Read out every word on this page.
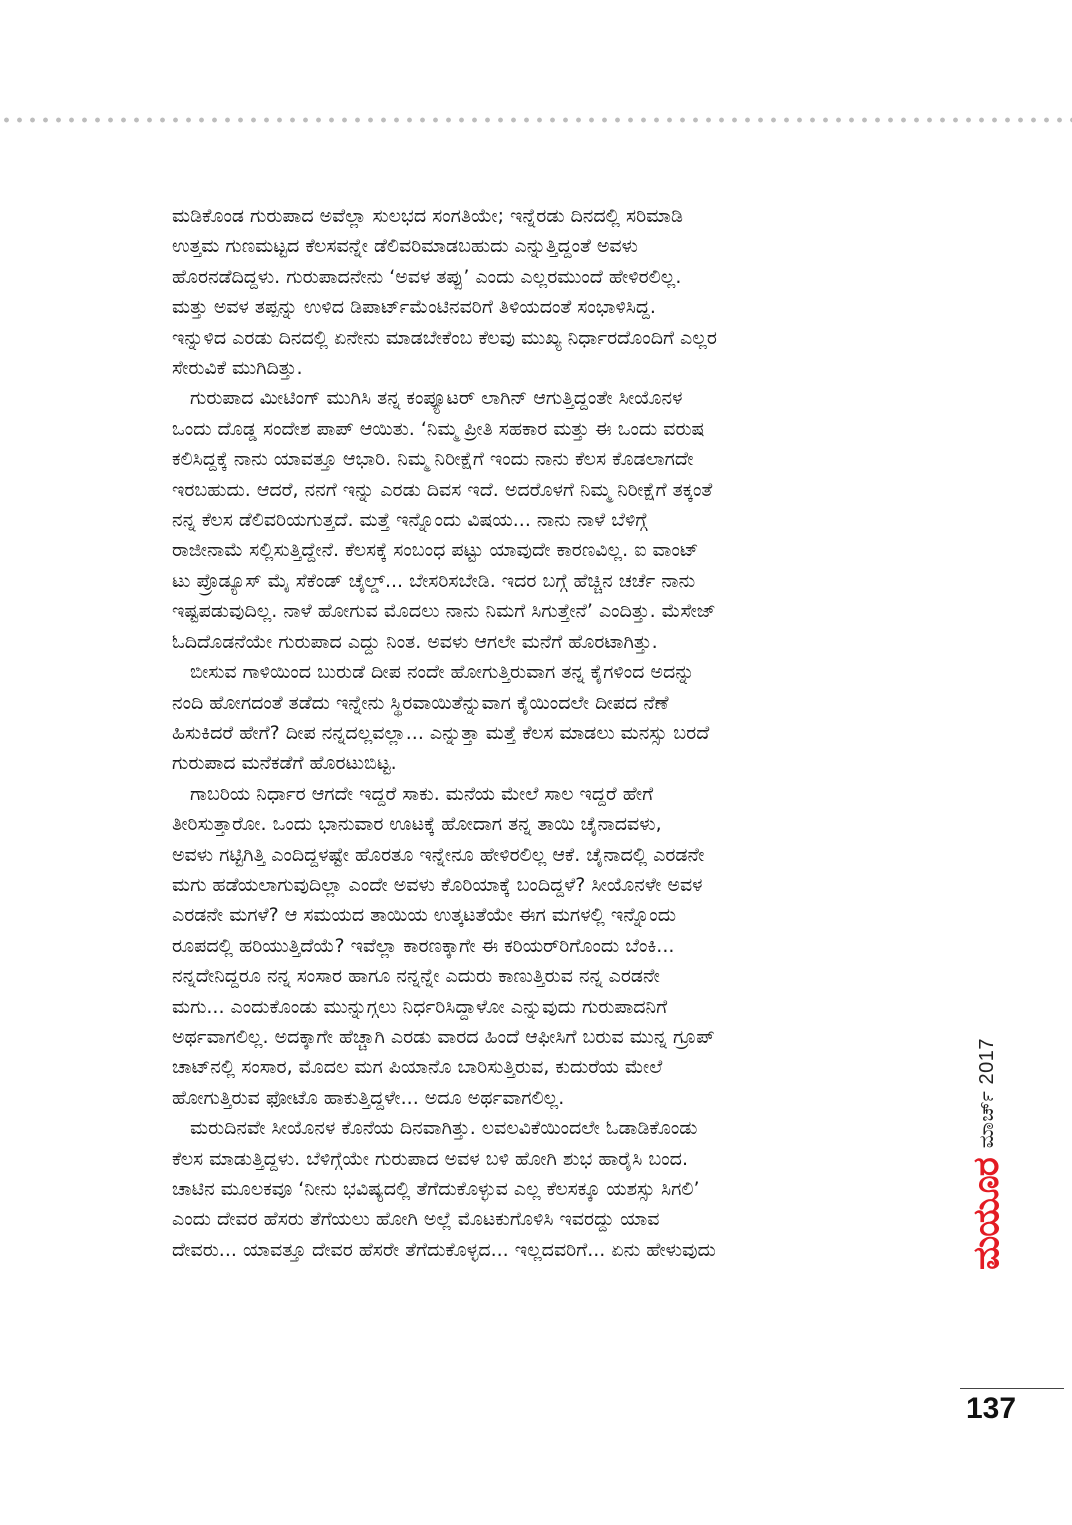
ಮಡಿಕೊಂಡ ಗುರುಪಾದ ಅವೆಲ್ಲಾ ಸುಲಭದ ಸಂಗತಿಯೇ; ಇನ್ನೆರಡು ದಿನದಲ್ಲಿ ಸರಿಮಾಡಿ
ಉತ್ತಮ ಗುಣಮಟ್ಟದ ಕೆಲಸವನ್ನೇ ಡೆಲಿವರಿಮಾಡಬಹುದು ಎನ್ನುತ್ತಿದ್ದಂತೆ ಅವಳು
ಹೊರನಡೆದಿದ್ದಳು. ಗುರುಪಾದನೇನು ‘ಅವಳ ತಪ್ಪು’ ಎಂದು ಎಲ್ಲರಮುಂದೆ ಹೇಳಿರಲಿಲ್ಲ.
ಮತ್ತು ಅವಳ ತಪ್ಪನ್ನು ಉಳಿದ ಡಿಪಾರ್ಟ್‌ಮೆಂಟಿನವರಿಗೆ ತಿಳಿಯದಂತೆ ಸಂಭಾಳಿಸಿದ್ದ.
ಇನ್ನುಳಿದ ಎರಡು ದಿನದಲ್ಲಿ ಏನೇನು ಮಾಡಬೇಕೆಂಬ ಕೆಲವು ಮುಖ್ಯ ನಿರ್ಧಾರದೊಂದಿಗೆ ಎಲ್ಲರ
ಸೇರುವಿಕೆ ಮುಗಿದಿತ್ತು.
ಗುರುಪಾದ ಮೀಟಿಂಗ್ ಮುಗಿಸಿ ತನ್ನ ಕಂಪ್ಯೂಟರ್ ಲಾಗಿನ್ ಆಗುತ್ತಿದ್ದಂತೇ ಸೀಯೊನಳ
ಒಂದು ದೊಡ್ಡ ಸಂದೇಶ ಪಾಪ್ ಆಯಿತು. ‘ನಿಮ್ಮ ಪ್ರೀತಿ ಸಹಕಾರ ಮತ್ತು ಈ ಒಂದು ವರುಷ
ಕಲಿಸಿದ್ದಕ್ಕೆ ನಾನು ಯಾವತ್ತೂ ಆಭಾರಿ. ನಿಮ್ಮ ನಿರೀಕ್ಷೆಗೆ ಇಂದು ನಾನು ಕೆಲಸ ಕೊಡಲಾಗದೇ
ಇರಬಹುದು. ಆದರೆ, ನನಗೆ ಇನ್ನು ಎರಡು ದಿವಸ ಇದೆ. ಅದರೊಳಗೆ ನಿಮ್ಮ ನಿರೀಕ್ಷೆಗೆ ತಕ್ಕಂತೆ
ನನ್ನ ಕೆಲಸ ಡೆಲಿವರಿಯಗುತ್ತದೆ. ಮತ್ತೆ ಇನ್ನೊಂದು ವಿಷಯ... ನಾನು ನಾಳೆ ಬೆಳಿಗ್ಗೆ
ರಾಜೀನಾಮೆ ಸಲ್ಲಿಸುತ್ತಿದ್ದೇನೆ. ಕೆಲಸಕ್ಕೆ ಸಂಬಂಧ ಪಟ್ಟು ಯಾವುದೇ ಕಾರಣವಿಲ್ಲ. ಐ ವಾಂಟ್
ಟು ಪ್ರೊಡ್ಯೂಸ್ ಮೈ ಸೆಕೆಂಡ್ ಚೈಲ್ಡ್... ಬೇಸರಿಸಬೇಡಿ. ಇದರ ಬಗ್ಗೆ ಹೆಚ್ಚಿನ ಚರ್ಚೆ ನಾನು
ಇಷ್ಟಪಡುವುದಿಲ್ಲ. ನಾಳೆ ಹೋಗುವ ಮೊದಲು ನಾನು ನಿಮಗೆ ಸಿಗುತ್ತೇನೆ’ ಎಂದಿತ್ತು. ಮೆಸೇಜ್
ಓದಿದೊಡನೆಯೇ ಗುರುಪಾದ ಎದ್ದು ನಿಂತ. ಅವಳು ಆಗಲೇ ಮನೆಗೆ ಹೊರಟಾಗಿತ್ತು.
ಬೀಸುವ ಗಾಳಿಯಿಂದ ಬುರುಡೆ ದೀಪ ನಂದೇ ಹೋಗುತ್ತಿರುವಾಗ ತನ್ನ ಕೈಗಳಿಂದ ಅದನ್ನು
ನಂದಿ ಹೋಗದಂತೆ ತಡೆದು ಇನ್ನೇನು ಸ್ಥಿರವಾಯಿತೆನ್ನುವಾಗ ಕೈಯಿಂದಲೇ ದೀಪದ ನೆಣೆ
ಹಿಸುಕಿದರೆ ಹೇಗೆ? ದೀಪ ನನ್ನದಲ್ಲವಲ್ಲಾ... ಎನ್ನುತ್ತಾ ಮತ್ತೆ ಕೆಲಸ ಮಾಡಲು ಮನಸ್ಸು ಬರದೆ
ಗುರುಪಾದ ಮನೆಕಡೆಗೆ ಹೊರಟುಬಿಟ್ಟ.
ಗಾಬರಿಯ ನಿರ್ಧಾರ ಆಗದೇ ಇದ್ದರೆ ಸಾಕು. ಮನೆಯ ಮೇಲೆ ಸಾಲ ಇದ್ದರೆ ಹೇಗೆ
ತೀರಿಸುತ್ತಾರೋ. ಒಂದು ಭಾನುವಾರ ಊಟಕ್ಕೆ ಹೋದಾಗ ತನ್ನ ತಾಯಿ ಚೈನಾದವಳು,
ಅವಳು ಗಟ್ಟಿಗಿತ್ತಿ ಎಂದಿದ್ದಳಷ್ಟೇ ಹೊರತೂ ಇನ್ನೇನೂ ಹೇಳಿರಲಿಲ್ಲ ಆಕೆ. ಚೈನಾದಲ್ಲಿ ಎರಡನೇ
ಮಗು ಹಡೆಯಲಾಗುವುದಿಲ್ಲಾ ಎಂದೇ ಅವಳು ಕೊರಿಯಾಕ್ಕೆ ಬಂದಿದ್ದಳೆ? ಸೀಯೊನಳೇ ಅವಳ
ಎರಡನೇ ಮಗಳೆ? ಆ ಸಮಯದ ತಾಯಿಯ ಉತ್ಕಟತೆಯೇ ಈಗ ಮಗಳಲ್ಲಿ ಇನ್ನೊಂದು
ರೂಪದಲ್ಲಿ ಹರಿಯುತ್ತಿದೆಯೆ? ಇವೆಲ್ಲಾ ಕಾರಣಕ್ಕಾಗೇ ಈ ಕರಿಯರ್‌ರಿಗೊಂದು ಬೆಂಕಿ...
ನನ್ನದೇನಿದ್ದರೂ ನನ್ನ ಸಂಸಾರ ಹಾಗೂ ನನ್ನನ್ನೇ ಎದುರು ಕಾಣುತ್ತಿರುವ ನನ್ನ ಎರಡನೇ
ಮಗು... ಎಂದುಕೊಂಡು ಮುನ್ನುಗ್ಗಲು ನಿರ್ಧರಿಸಿದ್ದಾಳೋ ಎನ್ನುವುದು ಗುರುಪಾದನಿಗೆ
ಅರ್ಥವಾಗಲಿಲ್ಲ. ಅದಕ್ಕಾಗೇ ಹೆಚ್ಚಾಗಿ ಎರಡು ವಾರದ ಹಿಂದೆ ಆಫೀಸಿಗೆ ಬರುವ ಮುನ್ನ ಗ್ರೂಪ್
ಚಾಟ್‌ನಲ್ಲಿ ಸಂಸಾರ, ಮೊದಲ ಮಗ ಪಿಯಾನೊ ಬಾರಿಸುತ್ತಿರುವ, ಕುದುರೆಯ ಮೇಲೆ
ಹೋಗುತ್ತಿರುವ ಫೋಟೊ ಹಾಕುತ್ತಿದ್ದಳೇ... ಅದೂ ಅರ್ಥವಾಗಲಿಲ್ಲ.
ಮರುದಿನವೇ ಸೀಯೊನಳ ಕೊನೆಯ ದಿನವಾಗಿತ್ತು. ಲವಲವಿಕೆಯಿಂದಲೇ ಓಡಾಡಿಕೊಂಡು
ಕೆಲಸ ಮಾಡುತ್ತಿದ್ದಳು. ಬೆಳಿಗ್ಗೆಯೇ ಗುರುಪಾದ ಅವಳ ಬಳಿ ಹೋಗಿ ಶುಭ ಹಾರೈಸಿ ಬಂದ.
ಚಾಟಿನ ಮೂಲಕವೂ ‘ನೀನು ಭವಿಷ್ಯದಲ್ಲಿ ತೆಗೆದುಕೊಳ್ಳುವ ಎಲ್ಲ ಕೆಲಸಕ್ಕೂ ಯಶಸ್ಸು ಸಿಗಲಿ’
ಎಂದು ದೇವರ ಹೆಸರು ತೆಗೆಯಲು ಹೋಗಿ ಅಲ್ಲೆ ಮೊಟಕುಗೊಳಿಸಿ ಇವರದ್ದು ಯಾವ
ದೇವರು... ಯಾವತ್ತೂ ದೇವರ ಹೆಸರೇ ತೆಗೆದುಕೊಳ್ಳದ... ಇಲ್ಲದವರಿಗೆ... ಏನು ಹೇಳುವುದು	ಮಯೂರ
ಮಾರ್ಚ್ 2017
137
